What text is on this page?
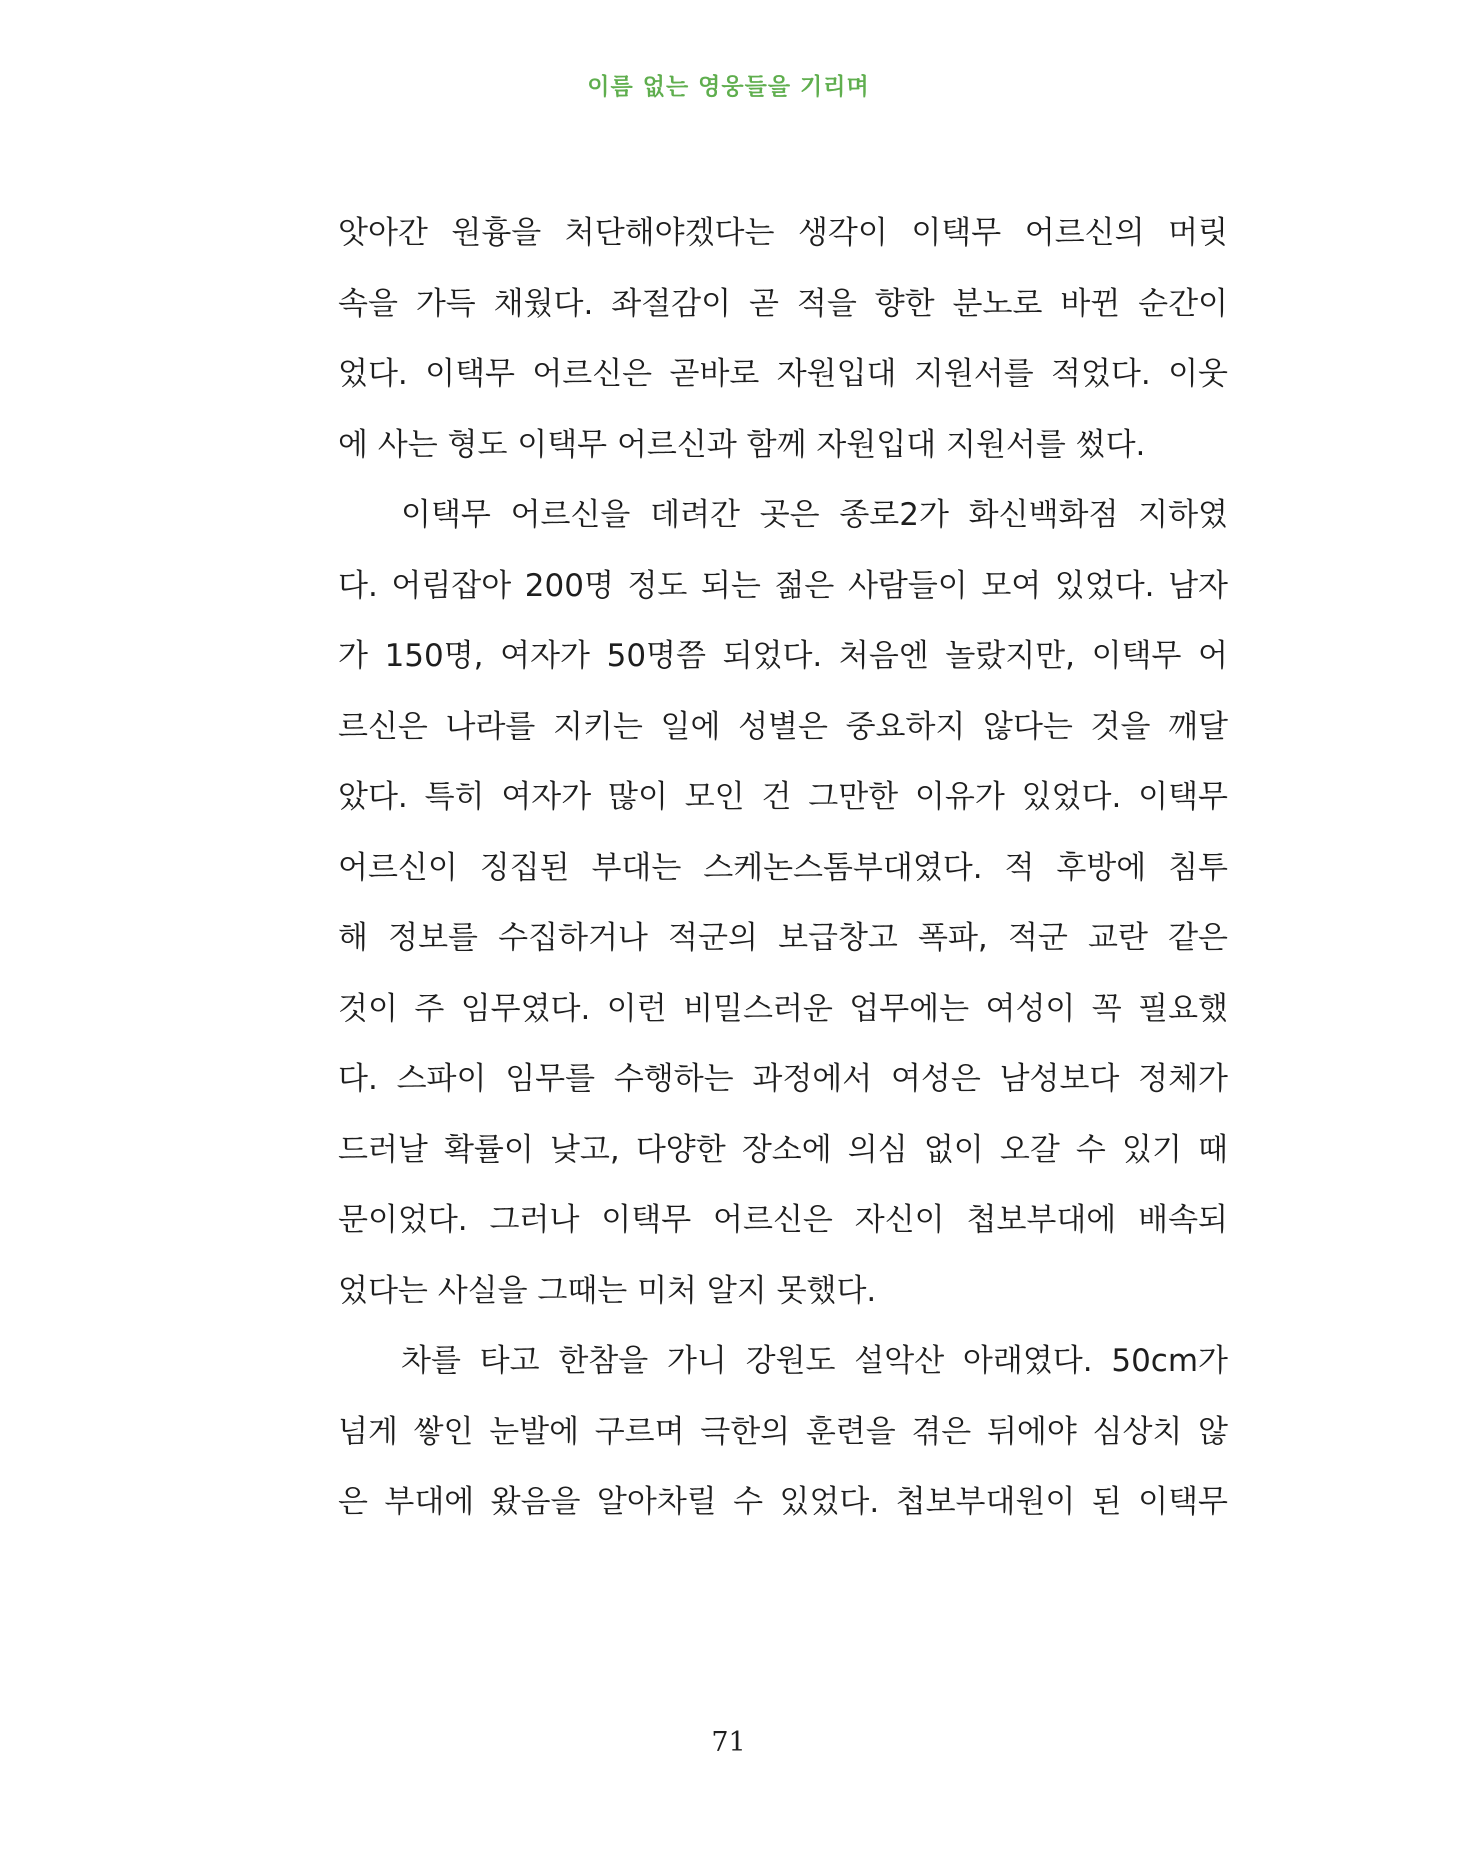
이름 없는 영웅들을 기리며
앗아간 원흉을 처단해야겠다는 생각이 이택무 어르신의 머릿
속을 가득 채웠다. 좌절감이 곧 적을 향한 분노로 바뀐 순간이
었다. 이택무 어르신은 곧바로 자원입대 지원서를 적었다. 이웃
에 사는 형도 이택무 어르신과 함께 자원입대 지원서를 썼다.
이택무 어르신을 데려간 곳은 종로2가 화신백화점 지하였
다. 어림잡아 200명 정도 되는 젊은 사람들이 모여 있었다. 남자
가 150명, 여자가 50명쯤 되었다. 처음엔 놀랐지만, 이택무 어
르신은 나라를 지키는 일에 성별은 중요하지 않다는 것을 깨달
았다. 특히 여자가 많이 모인 건 그만한 이유가 있었다. 이택무
어르신이 징집된 부대는 스케논스톰부대였다. 적 후방에 침투
해 정보를 수집하거나 적군의 보급창고 폭파, 적군 교란 같은
것이 주 임무였다. 이런 비밀스러운 업무에는 여성이 꼭 필요했
다. 스파이 임무를 수행하는 과정에서 여성은 남성보다 정체가
드러날 확률이 낮고, 다양한 장소에 의심 없이 오갈 수 있기 때
문이었다. 그러나 이택무 어르신은 자신이 첩보부대에 배속되
었다는 사실을 그때는 미처 알지 못했다.
차를 타고 한참을 가니 강원도 설악산 아래였다. 50cm가
넘게 쌓인 눈발에 구르며 극한의 훈련을 겪은 뒤에야 심상치 않
은 부대에 왔음을 알아차릴 수 있었다. 첩보부대원이 된 이택무
71
